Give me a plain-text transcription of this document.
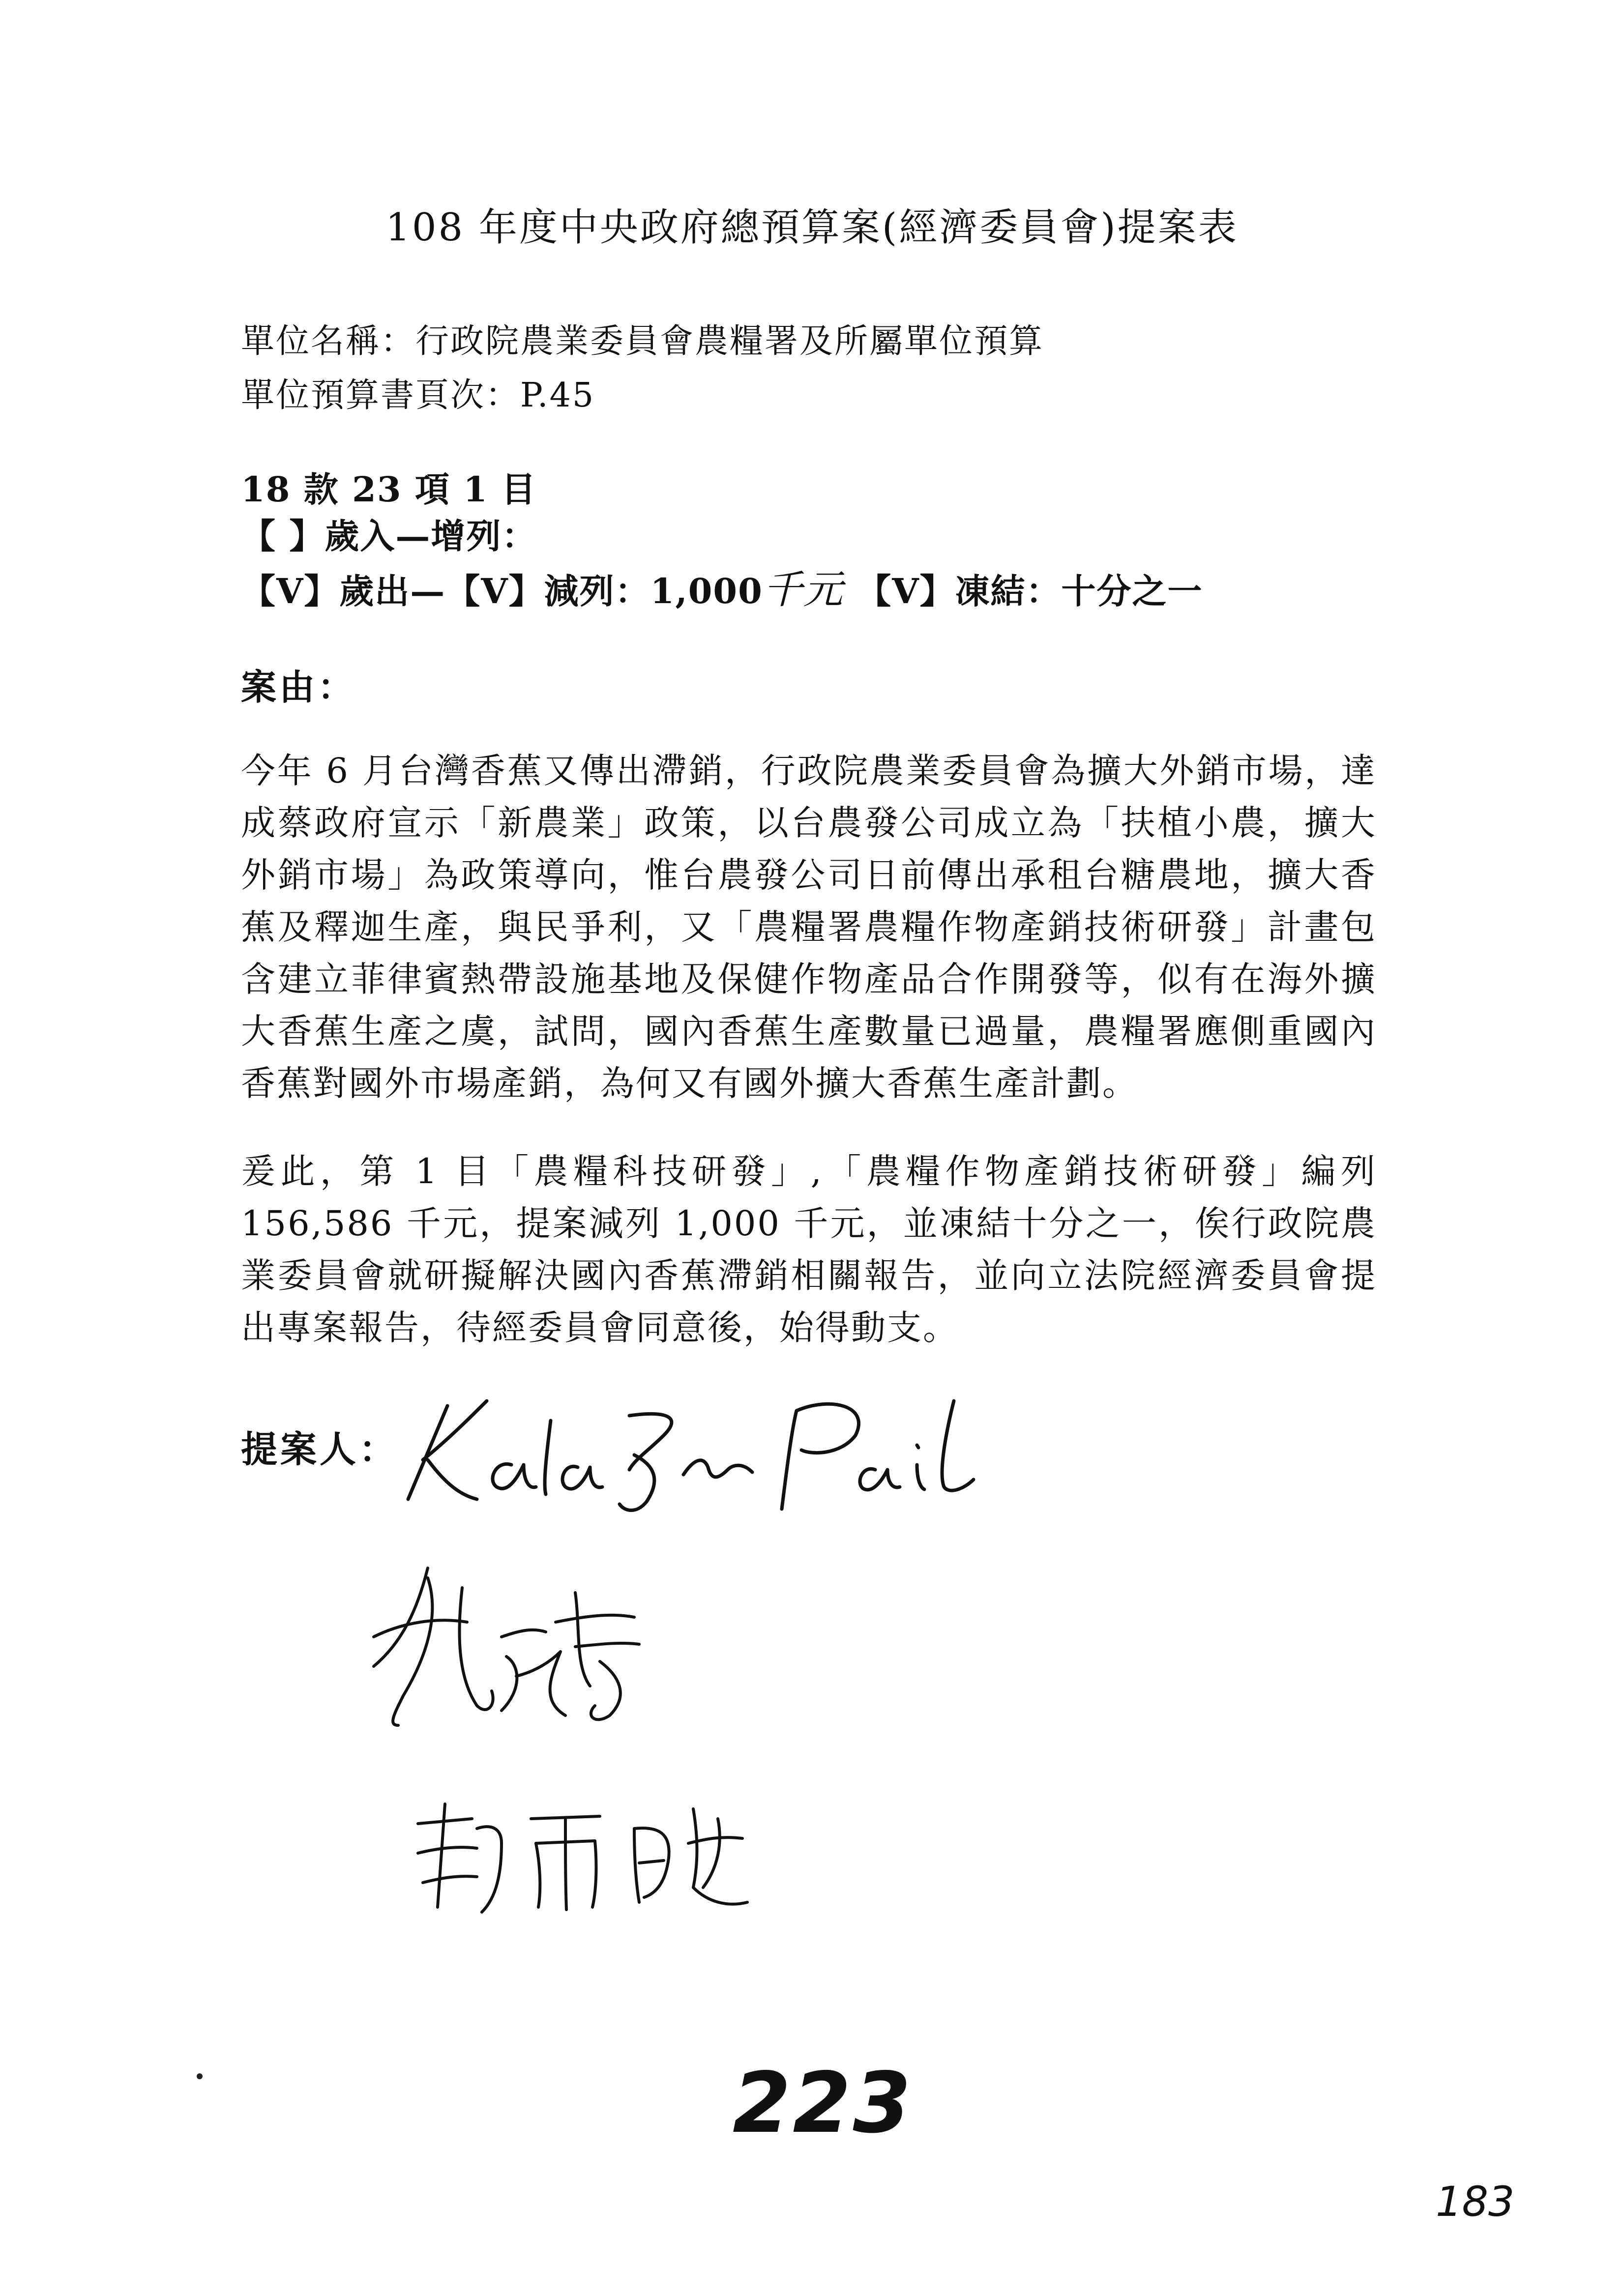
108 年度中央政府總預算案(經濟委員會)提案表
單位名稱：行政院農業委員會農糧署及所屬單位預算
單位預算書頁次：P.45
18 款 23 項 1 目
【 】歲入—增列：
【V】歲出—【V】減列：1,000千元 【V】凍結：十分之一
案由：
今年 6 月台灣香蕉又傳出滯銷，行政院農業委員會為擴大外銷市場，達成蔡政府宣示「新農業」政策，以台農發公司成立為「扶植小農，擴大外銷市場」為政策導向，惟台農發公司日前傳出承租台糖農地，擴大香蕉及釋迦生產，與民爭利，又「農糧署農糧作物產銷技術研發」計畫包含建立菲律賓熱帶設施基地及保健作物產品合作開發等，似有在海外擴大香蕉生產之虞，試問，國內香蕉生產數量已過量，農糧署應側重國內香蕉對國外市場產銷，為何又有國外擴大香蕉生產計劃。
爰此，第 1 目「農糧科技研發」,「農糧作物產銷技術研發」編列 156,586 千元，提案減列 1,000 千元，並凍結十分之一，俟行政院農業委員會就研擬解決國內香蕉滯銷相關報告，並向立法院經濟委員會提出專案報告，待經委員會同意後，始得動支。
提案人：
223
183
